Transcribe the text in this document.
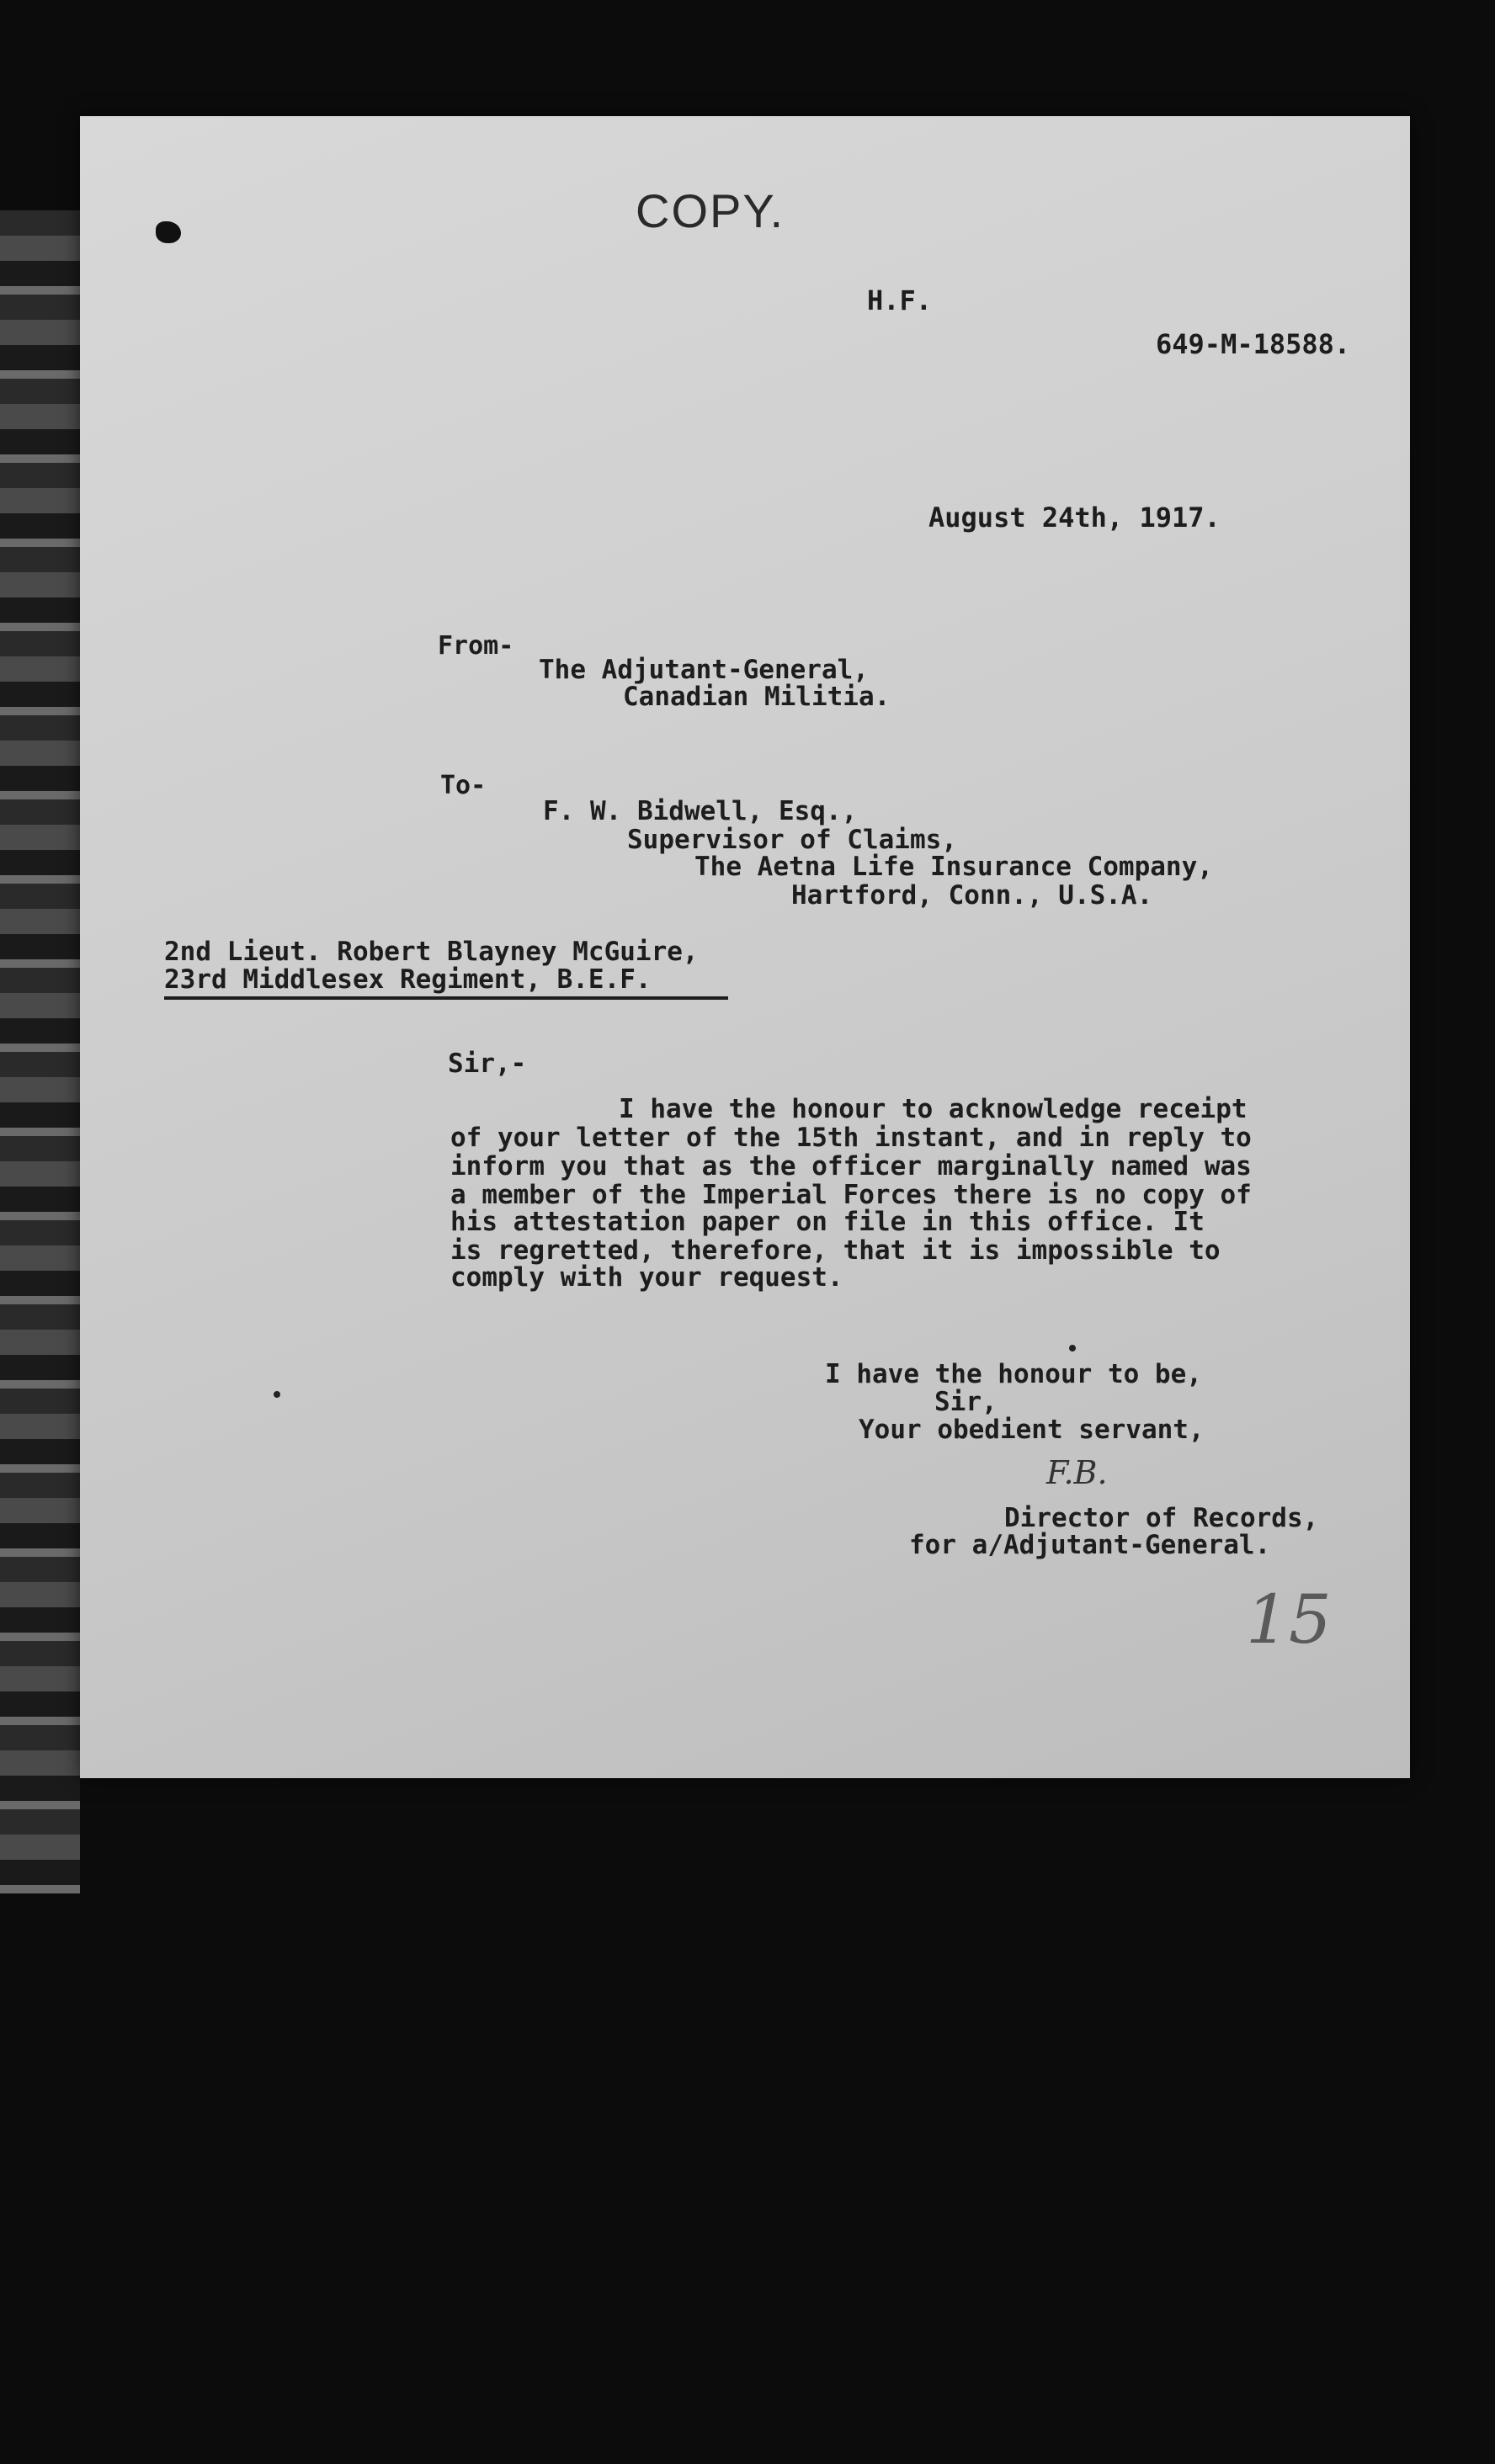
COPY.
H.F.
649-M-18588.
August 24th, 1917.
From-
The Adjutant-General,
Canadian Militia.
To-
F. W. Bidwell, Esq.,
Supervisor of Claims,
The Aetna Life Insurance Company,
Hartford, Conn., U.S.A.
2nd Lieut. Robert Blayney McGuire,
23rd Middlesex Regiment, B.E.F.
Sir,-
I have the honour to acknowledge receipt
of your letter of the 15th instant, and in reply to
inform you that as the officer marginally named was
a member of the Imperial Forces there is no copy of
his attestation paper on file in this office. It
is regretted, therefore, that it is impossible to
comply with your request.
I have the honour to be,
Sir,
Your obedient servant,
F.B.
Director of Records,
for a/Adjutant-General.
15
